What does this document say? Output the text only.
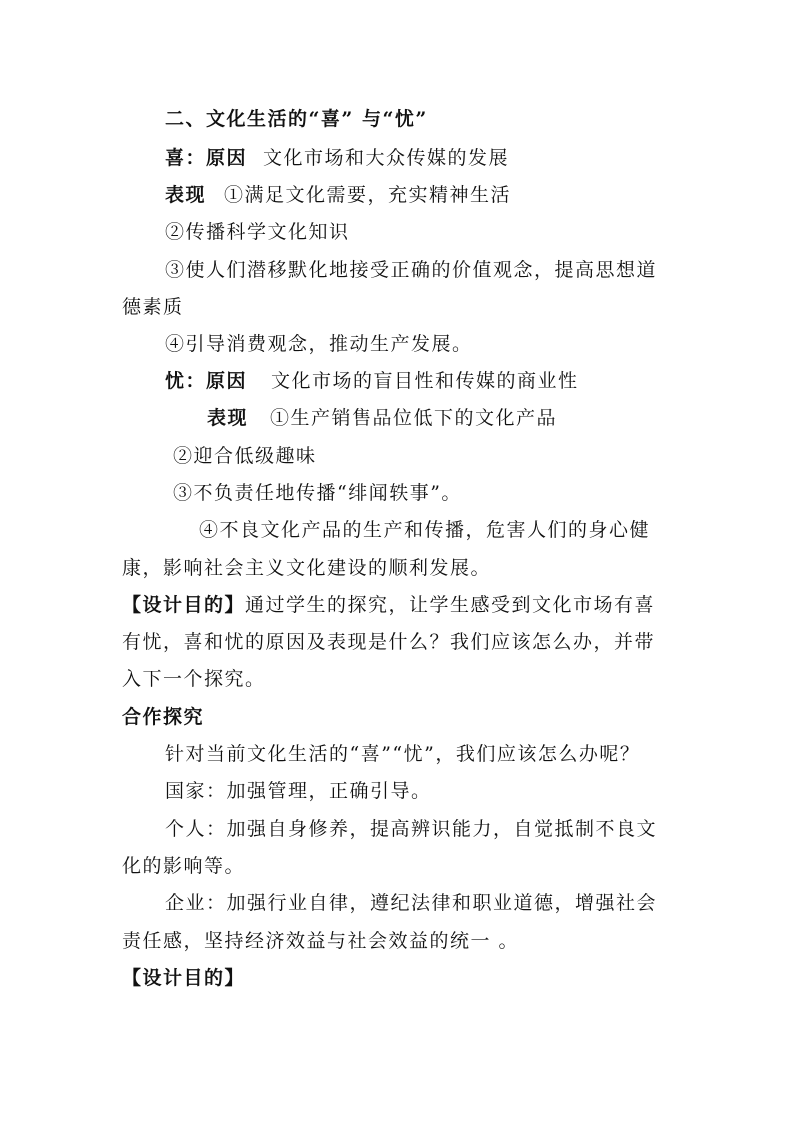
二、文化生活的“喜” 与“忧”
喜：原因 文化市场和大众传媒的发展
表现 ①满足文化需要，充实精神生活
②传播科学文化知识
③使人们潜移默化地接受正确的价值观念，提高思想道
德素质
④引导消费观念，推动生产发展。
忧：原因 文化市场的盲目性和传媒的商业性
表现 ①生产销售品位低下的文化产品
②迎合低级趣味
③不负责任地传播“绯闻轶事”。
④不良文化产品的生产和传播，危害人们的身心健
康，影响社会主义文化建设的顺利发展。
【设计目的】通过学生的探究，让学生感受到文化市场有喜
有忧，喜和忧的原因及表现是什么？我们应该怎么办，并带
入下一个探究。
合作探究
针对当前文化生活的“喜”“忧”，我们应该怎么办呢？
国家：加强管理，正确引导。
个人：加强自身修养，提高辨识能力，自觉抵制不良文
化的影响等。
企业：加强行业自律，遵纪法律和职业道德，增强社会
责任感，坚持经济效益与社会效益的统一 。
【设计目的】
